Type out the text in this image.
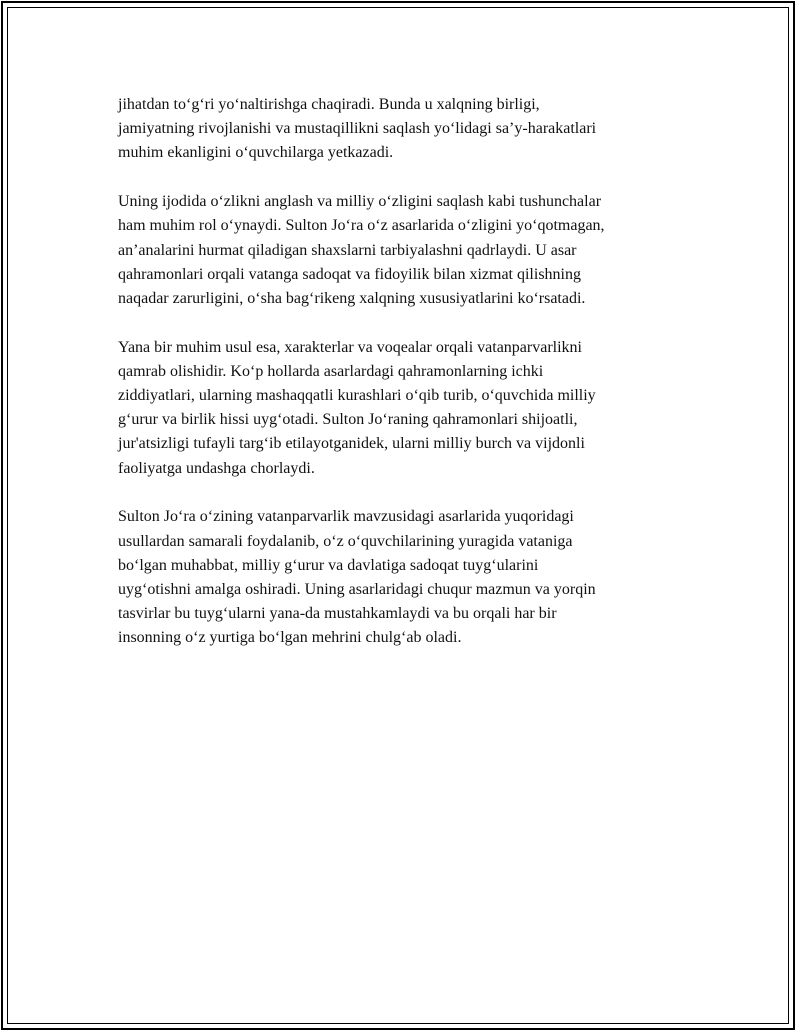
jihatdan to‘g‘ri yo‘naltirishga chaqiradi. Bunda u xalqning birligi,
jamiyatning rivojlanishi va mustaqillikni saqlash yo‘lidagi sa’y-harakatlari
muhim ekanligini o‘quvchilarga yetkazadi.

Uning ijodida o‘zlikni anglash va milliy o‘zligini saqlash kabi tushunchalar
ham muhim rol o‘ynaydi. Sulton Jo‘ra o‘z asarlarida o‘zligini yo‘qotmagan,
an’analarini hurmat qiladigan shaxslarni tarbiyalashni qadrlaydi. U asar
qahramonlari orqali vatanga sadoqat va fidoyilik bilan xizmat qilishning
naqadar zarurligini, o‘sha bag‘rikeng xalqning xususiyatlarini ko‘rsatadi.

Yana bir muhim usul esa, xarakterlar va voqealar orqali vatanparvarlikni
qamrab olishidir. Ko‘p hollarda asarlardagi qahramonlarning ichki
ziddiyatlari, ularning mashaqqatli kurashlari o‘qib turib, o‘quvchida milliy
g‘urur va birlik hissi uyg‘otadi. Sulton Jo‘raning qahramonlari shijoatli,
jur'atsizligi tufayli targ‘ib etilayotganidek, ularni milliy burch va vijdonli
faoliyatga undashga chorlaydi.

Sulton Jo‘ra o‘zining vatanparvarlik mavzusidagi asarlarida yuqoridagi
usullardan samarali foydalanib, o‘z o‘quvchilarining yuragida vataniga
bo‘lgan muhabbat, milliy g‘urur va davlatiga sadoqat tuyg‘ularini
uyg‘otishni amalga oshiradi. Uning asarlaridagi chuqur mazmun va yorqin
tasvirlar bu tuyg‘ularni yana-da mustahkamlaydi va bu orqali har bir
insonning o‘z yurtiga bo‘lgan mehrini chulg‘ab oladi.
